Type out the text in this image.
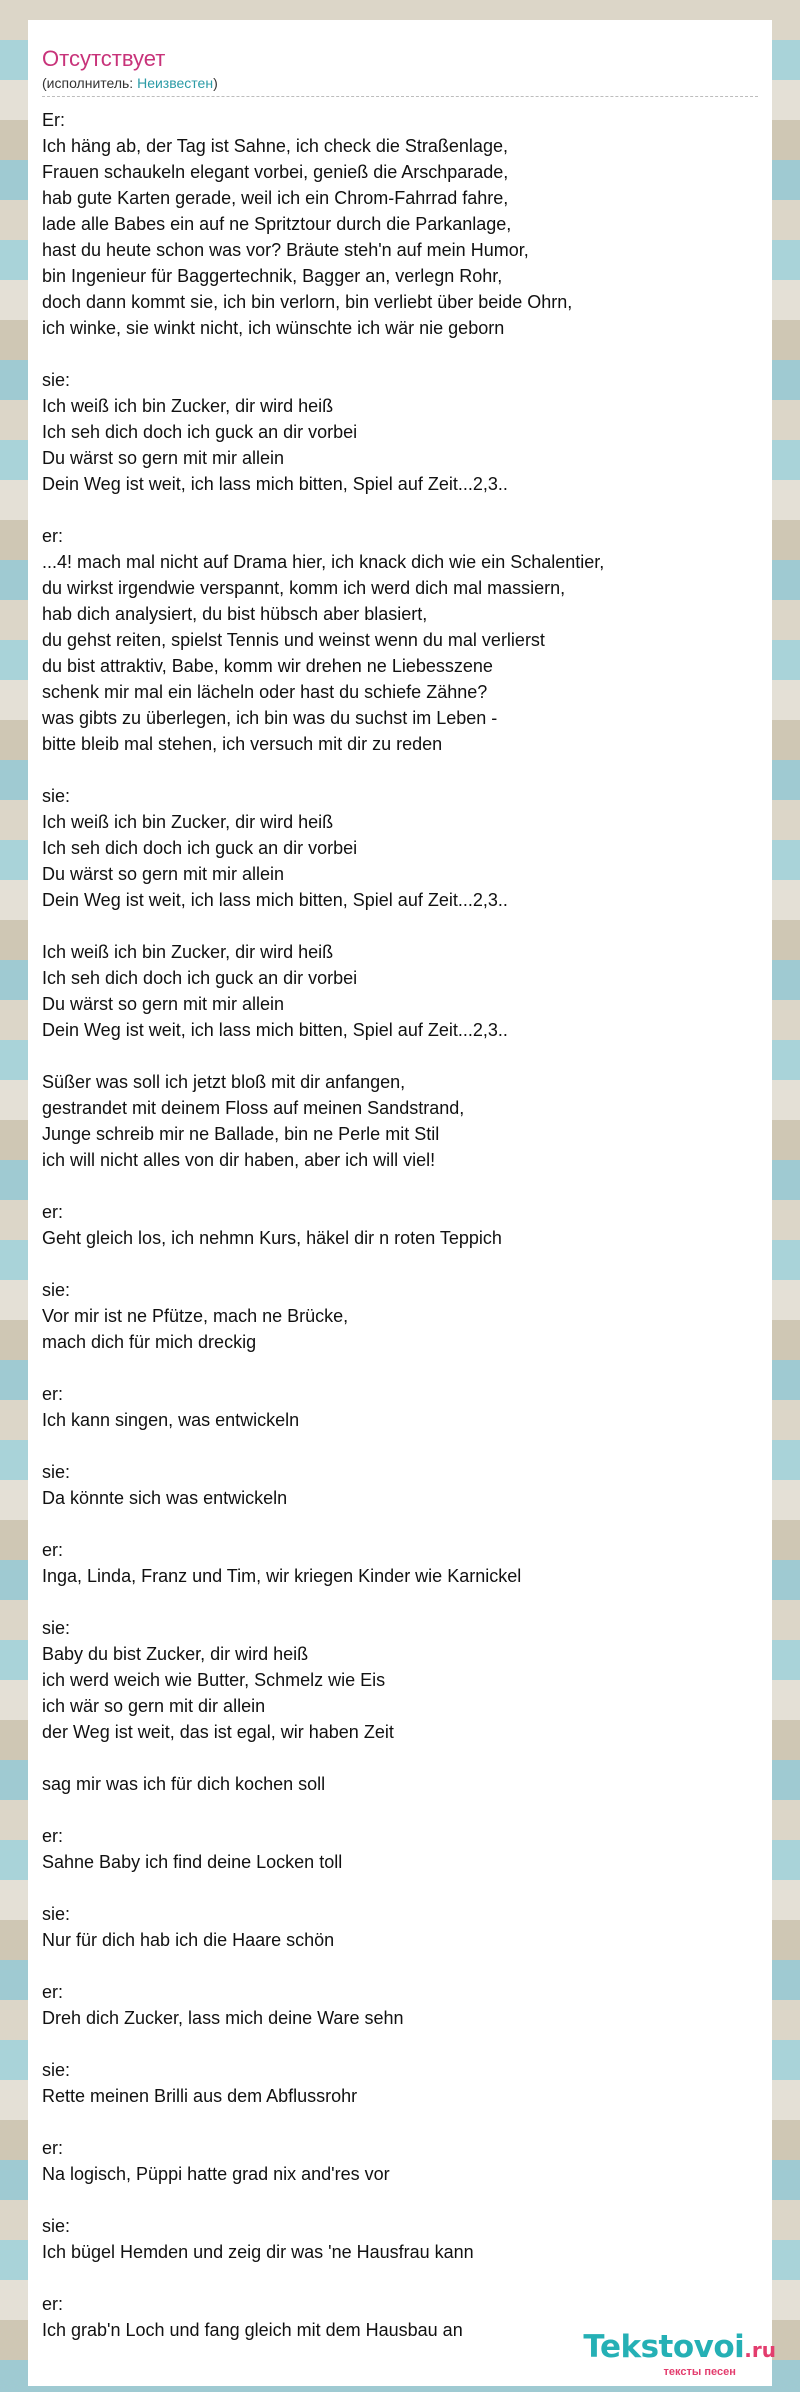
Отсутствует
(исполнитель: Неизвестен)
Er:
Ich häng ab, der Tag ist Sahne, ich check die Straßenlage,
Frauen schaukeln elegant vorbei, genieß die Arschparade,
hab gute Karten gerade, weil ich ein Chrom-Fahrrad fahre,
lade alle Babes ein auf ne Spritztour durch die Parkanlage,
hast du heute schon was vor? Bräute steh'n auf mein Humor,
bin Ingenieur für Baggertechnik, Bagger an, verlegn Rohr,
doch dann kommt sie, ich bin verlorn, bin verliebt über beide Ohrn,
ich winke, sie winkt nicht, ich wünschte ich wär nie geborn
sie:
Ich weiß ich bin Zucker, dir wird heiß
Ich seh dich doch ich guck an dir vorbei
Du wärst so gern mit mir allein
Dein Weg ist weit, ich lass mich bitten, Spiel auf Zeit...2,3..
er:
...4! mach mal nicht auf Drama hier, ich knack dich wie ein Schalentier,
du wirkst irgendwie verspannt, komm ich werd dich mal massiern,
hab dich analysiert, du bist hübsch aber blasiert,
du gehst reiten, spielst Tennis und weinst wenn du mal verlierst
du bist attraktiv, Babe, komm wir drehen ne Liebesszene
schenk mir mal ein lächeln oder hast du schiefe Zähne?
was gibts zu überlegen, ich bin was du suchst im Leben -
bitte bleib mal stehen, ich versuch mit dir zu reden
sie:
Ich weiß ich bin Zucker, dir wird heiß
Ich seh dich doch ich guck an dir vorbei
Du wärst so gern mit mir allein
Dein Weg ist weit, ich lass mich bitten, Spiel auf Zeit...2,3..
Ich weiß ich bin Zucker, dir wird heiß
Ich seh dich doch ich guck an dir vorbei
Du wärst so gern mit mir allein
Dein Weg ist weit, ich lass mich bitten, Spiel auf Zeit...2,3..
Süßer was soll ich jetzt bloß mit dir anfangen,
gestrandet mit deinem Floss auf meinen Sandstrand,
Junge schreib mir ne Ballade, bin ne Perle mit Stil
ich will nicht alles von dir haben, aber ich will viel!
er:
Geht gleich los, ich nehmn Kurs, häkel dir n roten Teppich
sie:
Vor mir ist ne Pfütze, mach ne Brücke,
mach dich für mich dreckig
er:
Ich kann singen, was entwickeln
sie:
Da könnte sich was entwickeln
er:
Inga, Linda, Franz und Tim, wir kriegen Kinder wie Karnickel
sie:
Baby du bist Zucker, dir wird heiß
ich werd weich wie Butter, Schmelz wie Eis
ich wär so gern mit dir allein
der Weg ist weit, das ist egal, wir haben Zeit
sag mir was ich für dich kochen soll
er:
Sahne Baby ich find deine Locken toll
sie:
Nur für dich hab ich die Haare schön
er:
Dreh dich Zucker, lass mich deine Ware sehn
sie:
Rette meinen Brilli aus dem Abflussrohr
er:
Na logisch, Püppi hatte grad nix and'res vor
sie:
Ich bügel Hemden und zeig dir was 'ne Hausfrau kann
er:
Ich grab'n Loch und fang gleich mit dem Hausbau an	Tekstovoi.ru
тексты песен
